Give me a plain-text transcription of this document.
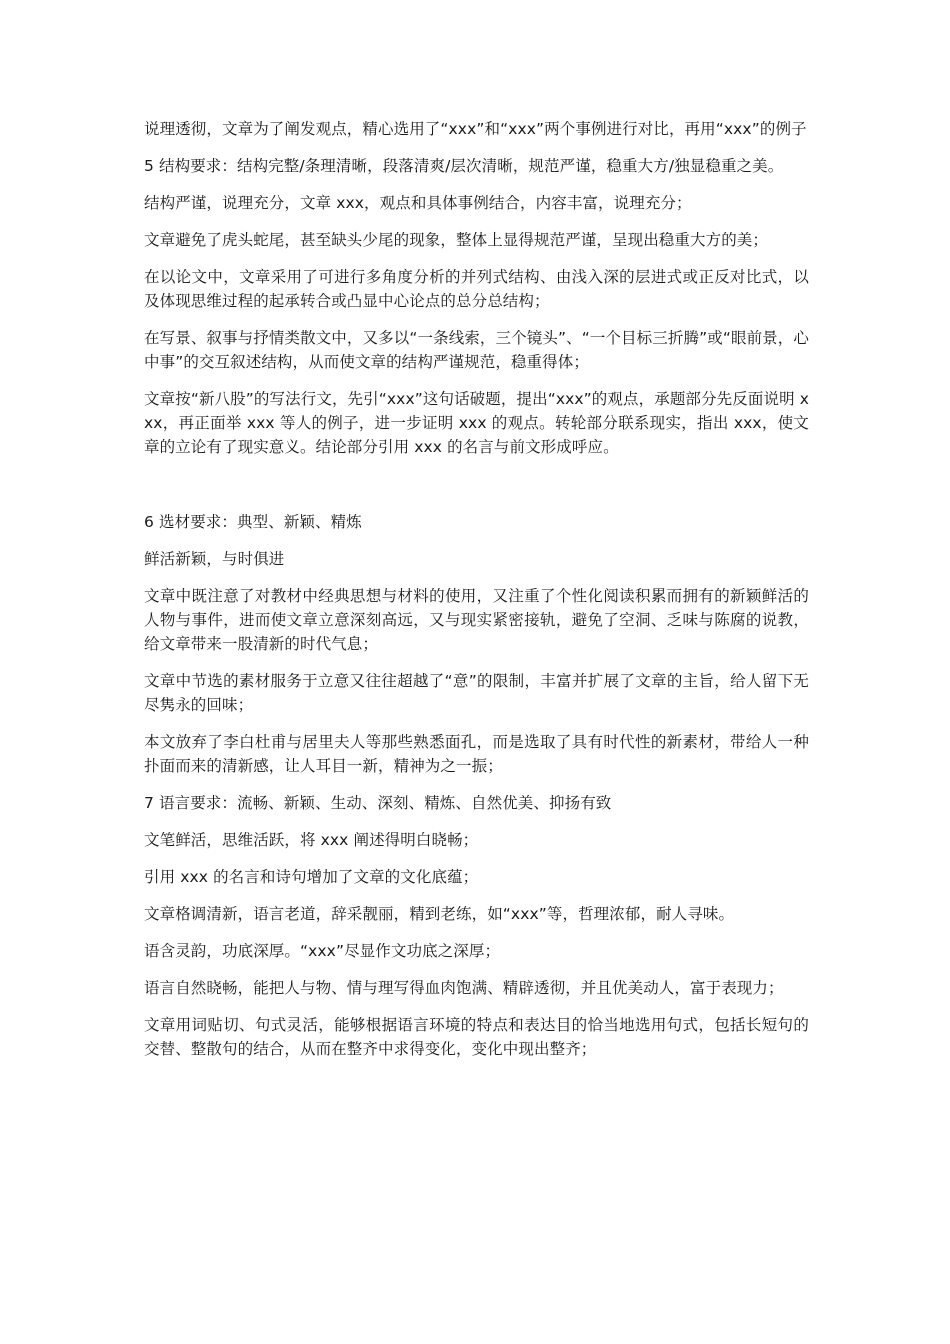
说理透彻，文章为了阐发观点，精心选用了“xxx”和“xxx”两个事例进行对比，再用“xxx”的例子

5 结构要求：结构完整/条理清晰，段落清爽/层次清晰，规范严谨，稳重大方/独显稳重之美。

结构严谨，说理充分，文章 xxx，观点和具体事例结合，内容丰富，说理充分；

文章避免了虎头蛇尾，甚至缺头少尾的现象，整体上显得规范严谨，呈现出稳重大方的美；

在以论文中，文章采用了可进行多角度分析的并列式结构、由浅入深的层进式或正反对比式，以及体现思维过程的起承转合或凸显中心论点的总分总结构；

在写景、叙事与抒情类散文中，又多以“一条线索，三个镜头”、“一个目标三折腾”或“眼前景，心中事”的交互叙述结构，从而使文章的结构严谨规范，稳重得体；

文章按“新八股”的写法行文，先引“xxx”这句话破题，提出“xxx”的观点，承题部分先反面说明 xxx，再正面举 xxx 等人的例子，进一步证明 xxx 的观点。转轮部分联系现实，指出 xxx，使文章的立论有了现实意义。结论部分引用 xxx 的名言与前文形成呼应。

6 选材要求：典型、新颖、精炼

鲜活新颖，与时俱进

文章中既注意了对教材中经典思想与材料的使用，又注重了个性化阅读积累而拥有的新颖鲜活的人物与事件，进而使文章立意深刻高远，又与现实紧密接轨，避免了空洞、乏味与陈腐的说教，给文章带来一股清新的时代气息；

文章中节选的素材服务于立意又往往超越了“意”的限制，丰富并扩展了文章的主旨，给人留下无尽隽永的回味；

本文放弃了李白杜甫与居里夫人等那些熟悉面孔，而是选取了具有时代性的新素材，带给人一种扑面而来的清新感，让人耳目一新，精神为之一振；

7 语言要求：流畅、新颖、生动、深刻、精炼、自然优美、抑扬有致

文笔鲜活，思维活跃，将 xxx 阐述得明白晓畅；

引用 xxx 的名言和诗句增加了文章的文化底蕴；

文章格调清新，语言老道，辞采靓丽，精到老练，如“xxx”等，哲理浓郁，耐人寻味。

语含灵韵，功底深厚。“xxx”尽显作文功底之深厚；

语言自然晓畅，能把人与物、情与理写得血肉饱满、精辟透彻，并且优美动人，富于表现力；

文章用词贴切、句式灵活，能够根据语言环境的特点和表达目的恰当地选用句式，包括长短句的交替、整散句的结合，从而在整齐中求得变化，变化中现出整齐；
